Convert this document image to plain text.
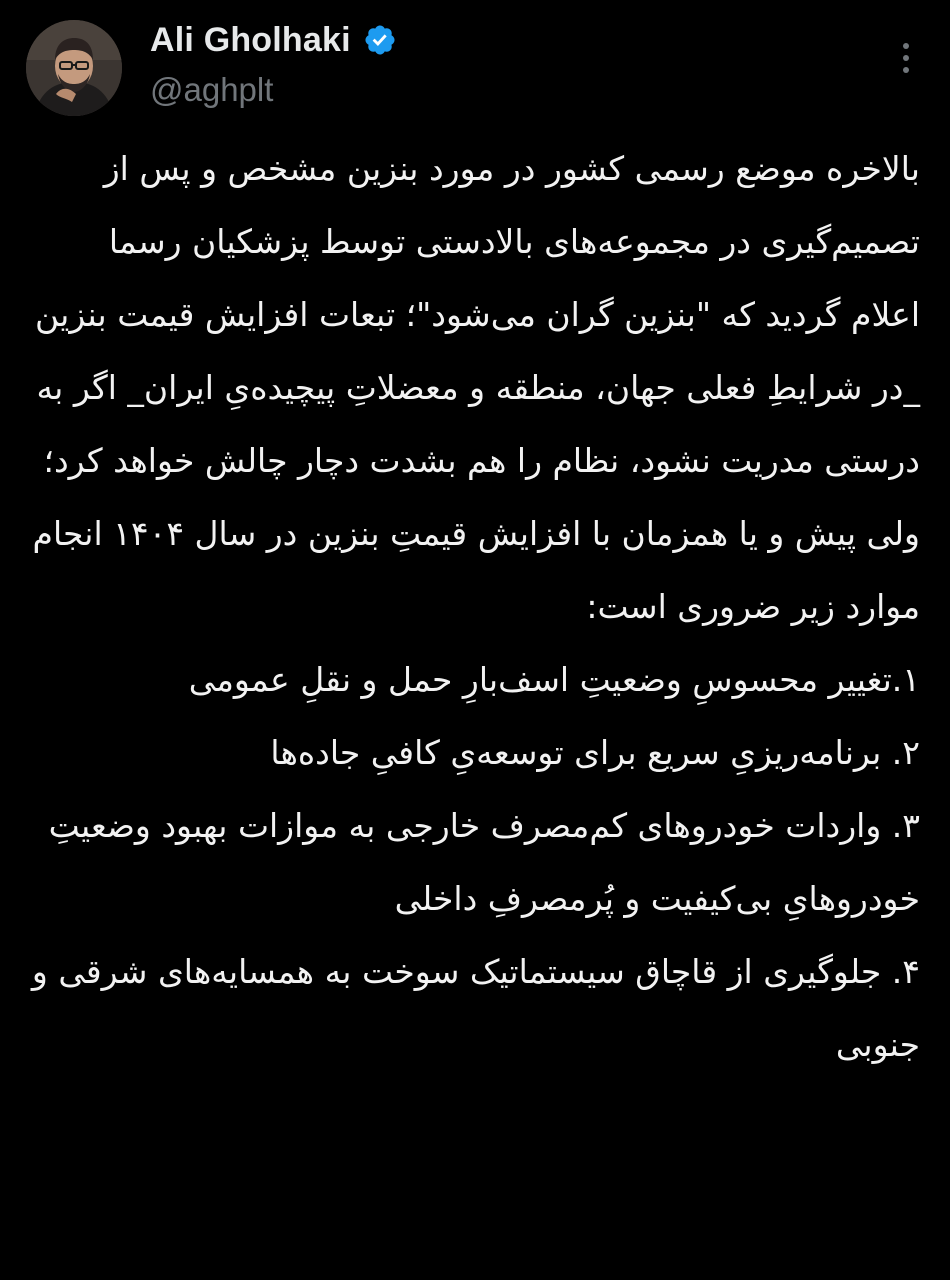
Ali Gholhaki
@aghplt

بالاخره موضع رسمی کشور در مورد بنزین مشخص و پس از تصمیم‌گیری در مجموعه‌های بالادستی توسط پزشکیان رسما اعلام گردید که "بنزین گران می‌شود"؛ تبعات افزایش قیمت بنزین _در شرایطِ فعلی جهان، منطقه و معضلاتِ پیچیده‌یِ ایران_ اگر به درستی مدریت نشود، نظام را هم بشدت دچار چالش خواهد کرد؛ ولی پیش و یا همزمان با افزایش قیمتِ بنزین در سال ۱۴۰۴ انجام موارد زیر ضروری است:

۱.تغییر محسوسِ وضعیتِ اسف‌بارِ حمل و نقلِ عمومی

۲. برنامه‌ریزیِ سریع برای توسعه‌یِ کافیِ جاده‌ها

۳. واردات خودروهای کم‌مصرف خارجی به موازات بهبود وضعیتِ خودروهایِ بی‌کیفیت و پُرمصرفِ داخلی

۴. جلوگیری از قاچاق سیستماتیک سوخت به همسایه‌های شرقی و جنوبی
